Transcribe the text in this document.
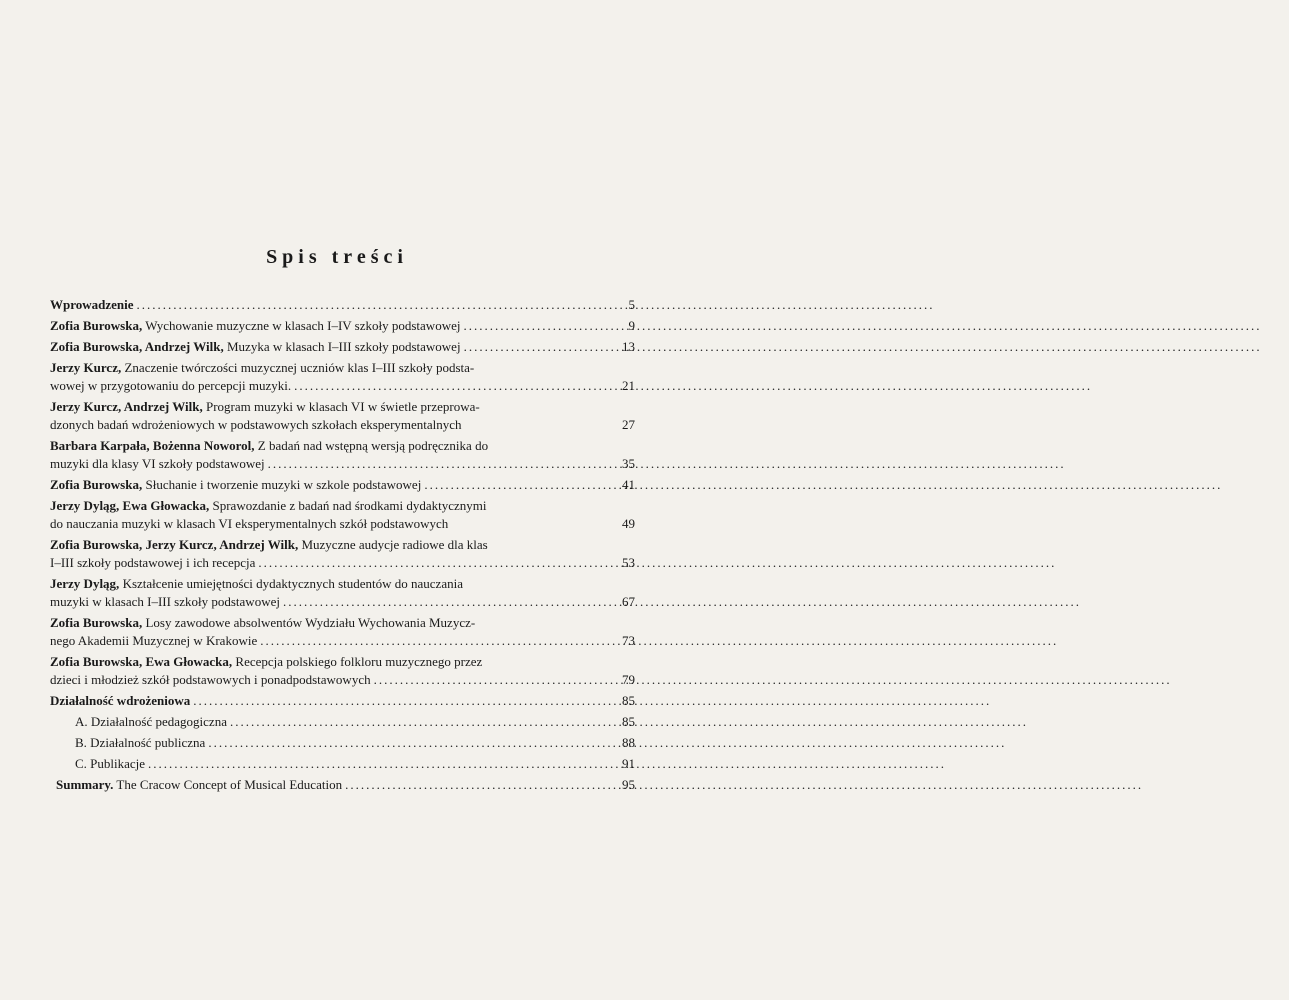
Spis treści
Wprowadzenie .....	5
Zofia Burowska, Wychowanie muzyczne w klasach I–IV szkoły podstawowej .....	9
Zofia Burowska, Andrzej Wilk, Muzyka w klasach I–III szkoły podstawowej .....	13
Jerzy Kurcz, Znaczenie twórczości muzycznej uczniów klas I–III szkoły podsta-
wowej w przygotowaniu do percepcji muzyki. .....	21
Jerzy Kurcz, Andrzej Wilk, Program muzyki w klasach VI w świetle przeprowa-
dzonych badań wdrożeniowych w podstawowych szkołach eksperymentalnych	27
Barbara Karpała, Bożenna Noworol, Z badań nad wstępną wersją podręcznika do
muzyki dla klasy VI szkoły podstawowej .....	35
Zofia Burowska, Słuchanie i tworzenie muzyki w szkole podstawowej .....	41
Jerzy Dyląg, Ewa Głowacka, Sprawozdanie z badań nad środkami dydaktycznymi
do nauczania muzyki w klasach VI eksperymentalnych szkół podstawowych	49
Zofia Burowska, Jerzy Kurcz, Andrzej Wilk, Muzyczne audycje radiowe dla klas
I–III szkoły podstawowej i ich recepcja .....	53
Jerzy Dyląg, Kształcenie umiejętności dydaktycznych studentów do nauczania
muzyki w klasach I–III szkoły podstawowej .....	67
Zofia Burowska, Losy zawodowe absolwentów Wydziału Wychowania Muzycz-
nego Akademii Muzycznej w Krakowie .....	73
Zofia Burowska, Ewa Głowacka, Recepcja polskiego folkloru muzycznego przez
dzieci i młodzież szkół podstawowych i ponadpodstawowych .....	79
Działalność wdrożeniowa .....	85
A. Działalność pedagogiczna .....	85
B. Działalność publiczna .....	88
C. Publikacje .....	91
Summary. The Cracow Concept of Musical Education .....	95
